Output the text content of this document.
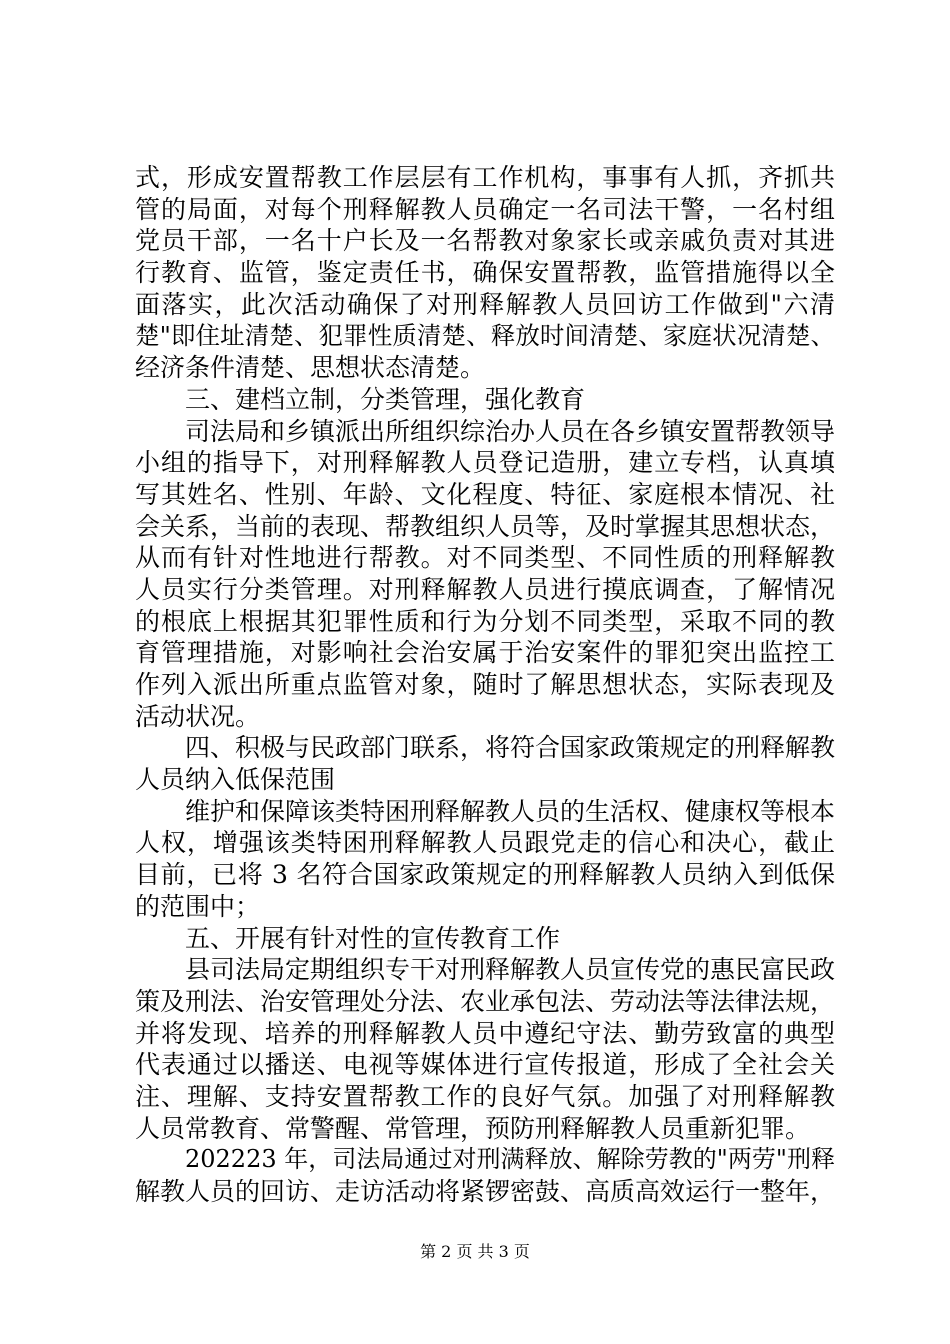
式，形成安置帮教工作层层有工作机构，事事有人抓，齐抓共
管的局面，对每个刑释解教人员确定一名司法干警，一名村组
党员干部，一名十户长及一名帮教对象家长或亲戚负责对其进
行教育、监管，鉴定责任书，确保安置帮教，监管措施得以全
面落实，此次活动确保了对刑释解教人员回访工作做到"六清
楚"即住址清楚、犯罪性质清楚、释放时间清楚、家庭状况清楚、
经济条件清楚、思想状态清楚。
三、建档立制，分类管理，强化教育
司法局和乡镇派出所组织综治办人员在各乡镇安置帮教领导
小组的指导下，对刑释解教人员登记造册，建立专档，认真填
写其姓名、性别、年龄、文化程度、特征、家庭根本情况、社
会关系，当前的表现、帮教组织人员等，及时掌握其思想状态，
从而有针对性地进行帮教。对不同类型、不同性质的刑释解教
人员实行分类管理。对刑释解教人员进行摸底调查，了解情况
的根底上根据其犯罪性质和行为分划不同类型，采取不同的教
育管理措施，对影响社会治安属于治安案件的罪犯突出监控工
作列入派出所重点监管对象，随时了解思想状态，实际表现及
活动状况。
四、积极与民政部门联系，将符合国家政策规定的刑释解教
人员纳入低保范围
维护和保障该类特困刑释解教人员的生活权、健康权等根本
人权，增强该类特困刑释解教人员跟党走的信心和决心，截止
目前，已将 3 名符合国家政策规定的刑释解教人员纳入到低保
的范围中；
五、开展有针对性的宣传教育工作
县司法局定期组织专干对刑释解教人员宣传党的惠民富民政
策及刑法、治安管理处分法、农业承包法、劳动法等法律法规，
并将发现、培养的刑释解教人员中遵纪守法、勤劳致富的典型
代表通过以播送、电视等媒体进行宣传报道，形成了全社会关
注、理解、支持安置帮教工作的良好气氛。加强了对刑释解教
人员常教育、常警醒、常管理，预防刑释解教人员重新犯罪。
202223 年，司法局通过对刑满释放、解除劳教的"两劳"刑释
解教人员的回访、走访活动将紧锣密鼓、高质高效运行一整年，
第 2 页 共 3 页
